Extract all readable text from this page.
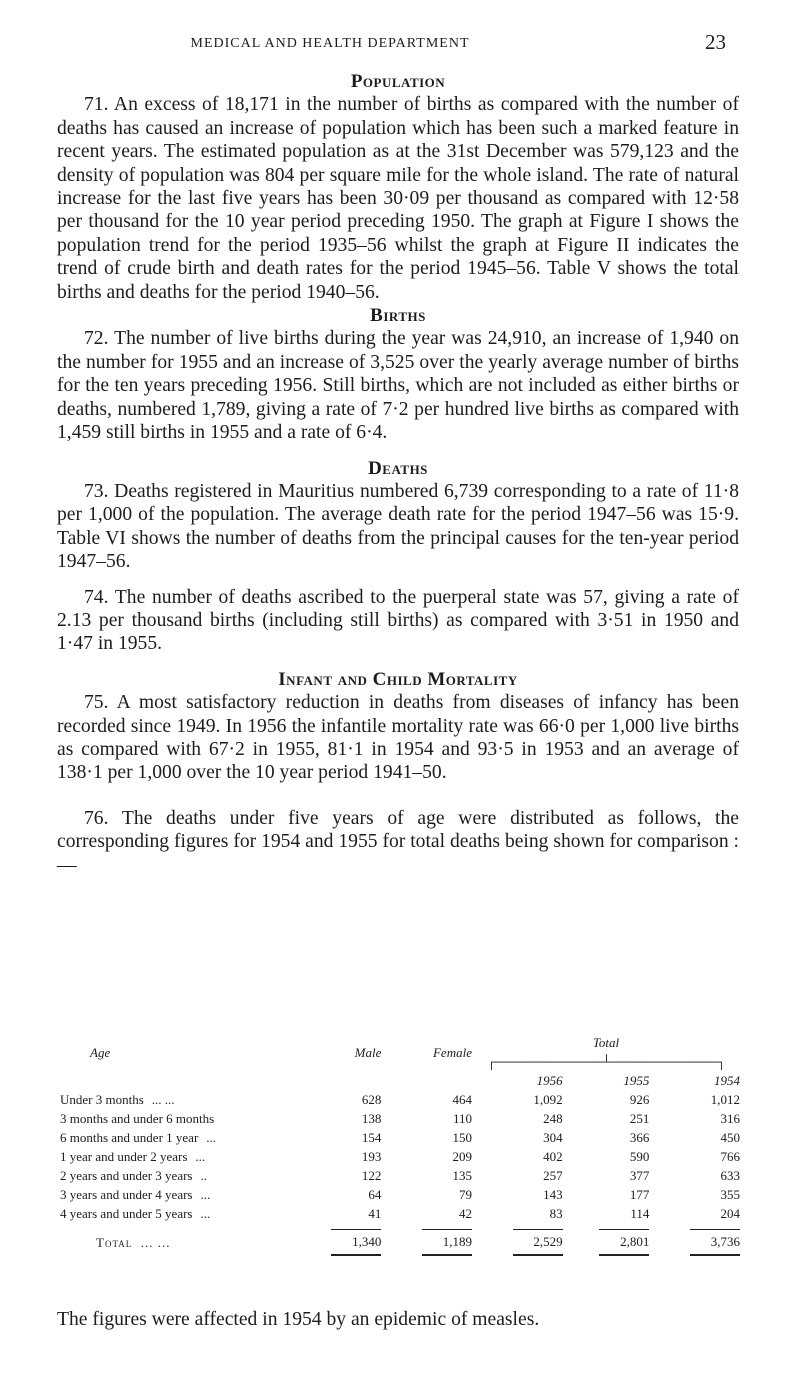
MEDICAL AND HEALTH DEPARTMENT	23
Population

71. An excess of 18,171 in the number of births as compared with the number of deaths has caused an increase of population which has been such a marked feature in recent years. The estimated population as at the 31st December was 579,123 and the density of population was 804 per square mile for the whole island. The rate of natural increase for the last five years has been 30·09 per thousand as compared with 12·58 per thousand for the 10 year period preceding 1950. The graph at Figure I shows the population trend for the period 1935–56 whilst the graph at Figure II indicates the trend of crude birth and death rates for the period 1945–56. Table V shows the total births and deaths for the period 1940–56.

Births

72. The number of live births during the year was 24,910, an increase of 1,940 on the number for 1955 and an increase of 3,525 over the yearly average number of births for the ten years preceding 1956. Still births, which are not included as either births or deaths, numbered 1,789, giving a rate of 7·2 per hundred live births as compared with 1,459 still births in 1955 and a rate of 6·4.

Deaths

73. Deaths registered in Mauritius numbered 6,739 corresponding to a rate of 11·8 per 1,000 of the population. The average death rate for the period 1947–56 was 15·9. Table VI shows the number of deaths from the principal causes for the ten-year period 1947–56.

74. The number of deaths ascribed to the puerperal state was 57, giving a rate of 2.13 per thousand births (including still births) as compared with 3·51 in 1950 and 1·47 in 1955.

Infant and Child Mortality

75. A most satisfactory reduction in deaths from diseases of infancy has been recorded since 1949. In 1956 the infantile mortality rate was 66·0 per 1,000 live births as compared with 67·2 in 1955, 81·1 in 1954 and 93·5 in 1953 and an average of 138·1 per 1,000 over the 10 year period 1941–50.

76. The deaths under five years of age were distributed as follows, the corresponding figures for 1954 and 1955 for total deaths being shown for comparison :—

Age	Male	Female	Total
┌─────────────┴─────────────┐		

			1956	1955	1954
Under 3 months ... ...	628	464	1,092	926	1,012
3 months and under 6 months	138	110	248	251	316
6 months and under 1 year ...	154	150	304	366	450
1 year and under 2 years ...	193	209	402	590	766
2 years and under 3 years ..	122	135	257	377	633
3 years and under 4 years ...	64	79	143	177	355
4 years and under 5 years ...	41	42	83	114	204
Total ... ...	1,340	1,189	2,529	2,801	3,736
The figures were affected in 1954 by an epidemic of measles.
